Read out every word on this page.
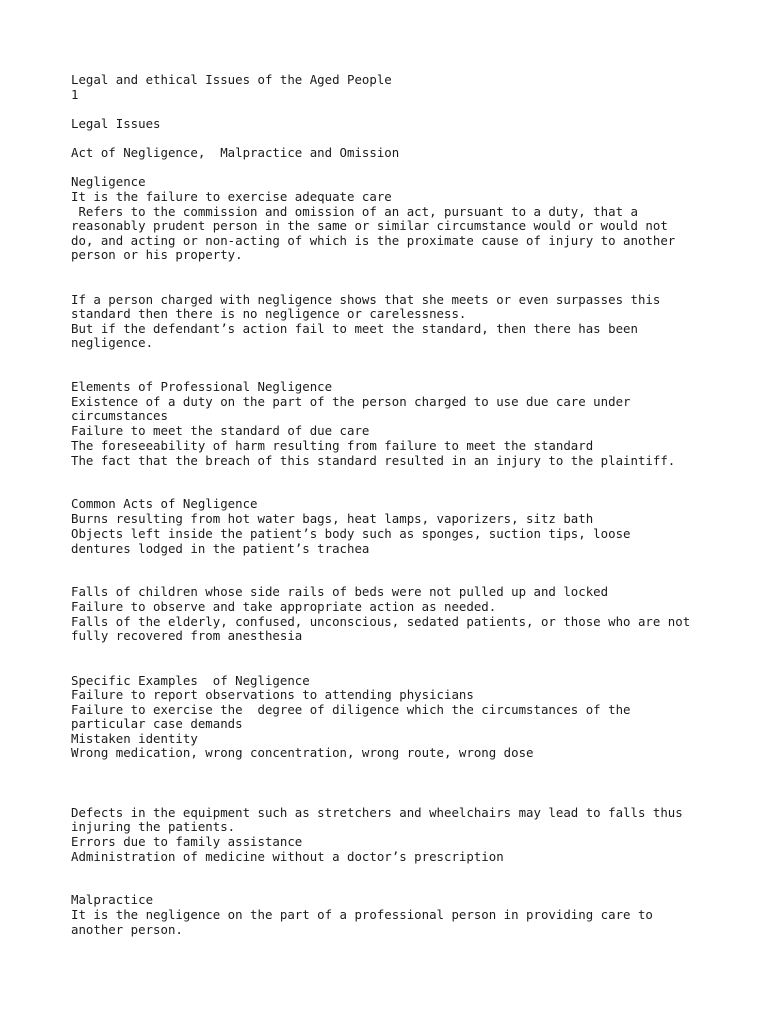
Legal and ethical Issues of the Aged People

1

Legal Issues

Act of Negligence,  Malpractice and Omission

Negligence

It is the failure to exercise adequate care

Refers to the commission and omission of an act, pursuant to a duty, that a

reasonably prudent person in the same or similar circumstance would or would not

do, and acting or non-acting of which is the proximate cause of injury to another

person or his property.

If a person charged with negligence shows that she meets or even surpasses this

standard then there is no negligence or carelessness.

But if the defendant’s action fail to meet the standard, then there has been

negligence.

Elements of Professional Negligence

Existence of a duty on the part of the person charged to use due care under

circumstances

Failure to meet the standard of due care

The foreseeability of harm resulting from failure to meet the standard

The fact that the breach of this standard resulted in an injury to the plaintiff.

Common Acts of Negligence

Burns resulting from hot water bags, heat lamps, vaporizers, sitz bath

Objects left inside the patient’s body such as sponges, suction tips, loose

dentures lodged in the patient’s trachea

Falls of children whose side rails of beds were not pulled up and locked

Failure to observe and take appropriate action as needed.

Falls of the elderly, confused, unconscious, sedated patients, or those who are not

fully recovered from anesthesia

Specific Examples  of Negligence

Failure to report observations to attending physicians

Failure to exercise the  degree of diligence which the circumstances of the

particular case demands

Mistaken identity

Wrong medication, wrong concentration, wrong route, wrong dose

Defects in the equipment such as stretchers and wheelchairs may lead to falls thus

injuring the patients.

Errors due to family assistance

Administration of medicine without a doctor’s prescription

Malpractice

It is the negligence on the part of a professional person in providing care to

another person.
